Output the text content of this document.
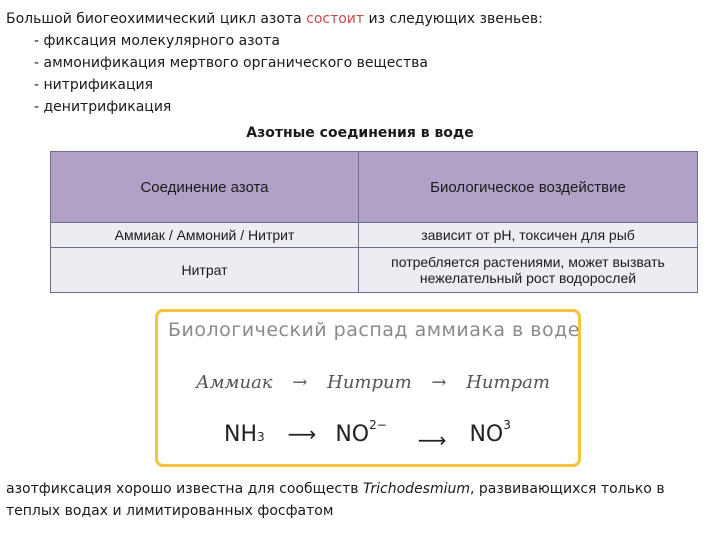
Большой биогеохимический цикл азота состоит из следующих звеньев:
- фиксация молекулярного азота
- аммонификация мертвого органического вещества
- нитрификация
- денитрификация
Азотные соединения в воде
Соединение азота	Биологическое воздействие
Аммиак / Аммоний / Нитрит	зависит от рН, токсичен для рыб
Нитрат	потребляется растениями, может вызвать нежелательный рост водорослей
Биологический распад аммиака в воде
Аммиак → Нитрит → Нитрат
NH3 ⟶ NO2− ⟶ NO3
азотфиксация хорошо известна для сообществ Trichodesmium, развивающихся только в теплых водах и лимитированных фосфатом
